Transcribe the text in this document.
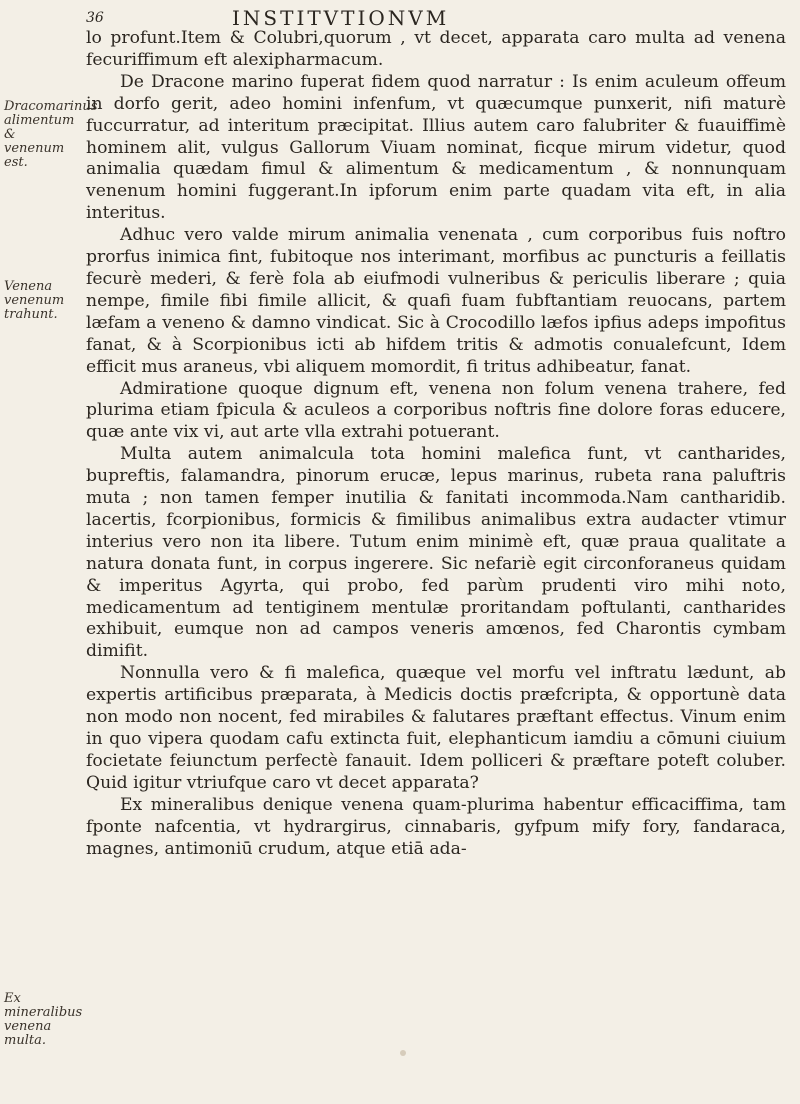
36	INSTITVTIONVM
Dracomarinus alimentum & venenum est.
Venena venenum trahunt.
Ex mineralibus venena multa.

lo profunt.Item & Colubri,quorum , vt decet, apparata caro multa ad venena fecuriffimum eft alexipharmacum.

De Dracone marino fuperat fidem quod narratur : Is enim aculeum offeum in dorfo gerit, adeo homini infenfum, vt quæcumque punxerit, nifi maturè fuccurratur, ad interitum præcipitat. Illius autem caro falubriter & fuauiffimè hominem alit, vulgus Gallorum Viuam nominat, ficque mirum videtur, quod animalia quædam fimul & alimentum & medicamentum , & nonnunquam venenum homini fuggerant.In ipforum enim parte quadam vita eft, in alia interitus.

Adhuc vero valde mirum animalia venenata , cum corporibus fuis noftro prorfus inimica fint, fubitoque nos interimant, morfibus ac puncturis a feillatis fecurè mederi, & ferè fola ab eiufmodi vulneribus & periculis liberare ; quia nempe, fimile fibi fimile allicit, & quafi fuam fubftantiam reuocans, partem læfam a veneno & damno vindicat. Sic à Crocodillo læfos ipfius adeps impofitus fanat, & à Scorpionibus icti ab hifdem tritis & admotis conualefcunt, Idem efficit mus araneus, vbi aliquem momordit, fi tritus adhibeatur, fanat.

Admiratione quoque dignum eft, venena non folum venena trahere, fed plurima etiam fpicula & aculeos a corporibus noftris fine dolore foras educere, quæ ante vix vi, aut arte vlla extrahi potuerant.

Multa autem animalcula tota homini malefica funt, vt cantharides, bupreftis, falamandra, pinorum erucæ, lepus marinus, rubeta rana paluftris muta ; non tamen femper inutilia & fanitati incommoda.Nam cantharidib. lacertis, fcorpionibus, formicis & fimilibus animalibus extra audacter vtimur interius vero non ita libere. Tutum enim minimè eft, quæ praua qualitate a natura donata funt, in corpus ingerere. Sic nefariè egit circonforaneus quidam & imperitus Agyrta, qui probo, fed parùm prudenti viro mihi noto, medicamentum ad tentiginem mentulæ proritandam poftulanti, cantharides exhibuit, eumque non ad campos veneris amœnos, fed Charontis cymbam dimifit.

Nonnulla vero & fi malefica, quæque vel morfu vel inftratu lædunt, ab expertis artificibus præparata, à Medicis doctis præfcripta, & opportunè data non modo non nocent, fed mirabiles & falutares præftant effectus. Vinum enim in quo vipera quodam cafu extincta fuit, elephanticum iamdiu a cōmuni ciuium focietate feiunctum perfectè fanauit. Idem polliceri & præftare poteft coluber. Quid igitur vtriufque caro vt decet apparata?

Ex mineralibus denique venena quam-plurima habentur efficaciffima, tam fponte nafcentia, vt hydrargirus, cinnabaris, gyfpum mify fory, fandaraca, magnes, antimoniū crudum, atque etiā ada-
